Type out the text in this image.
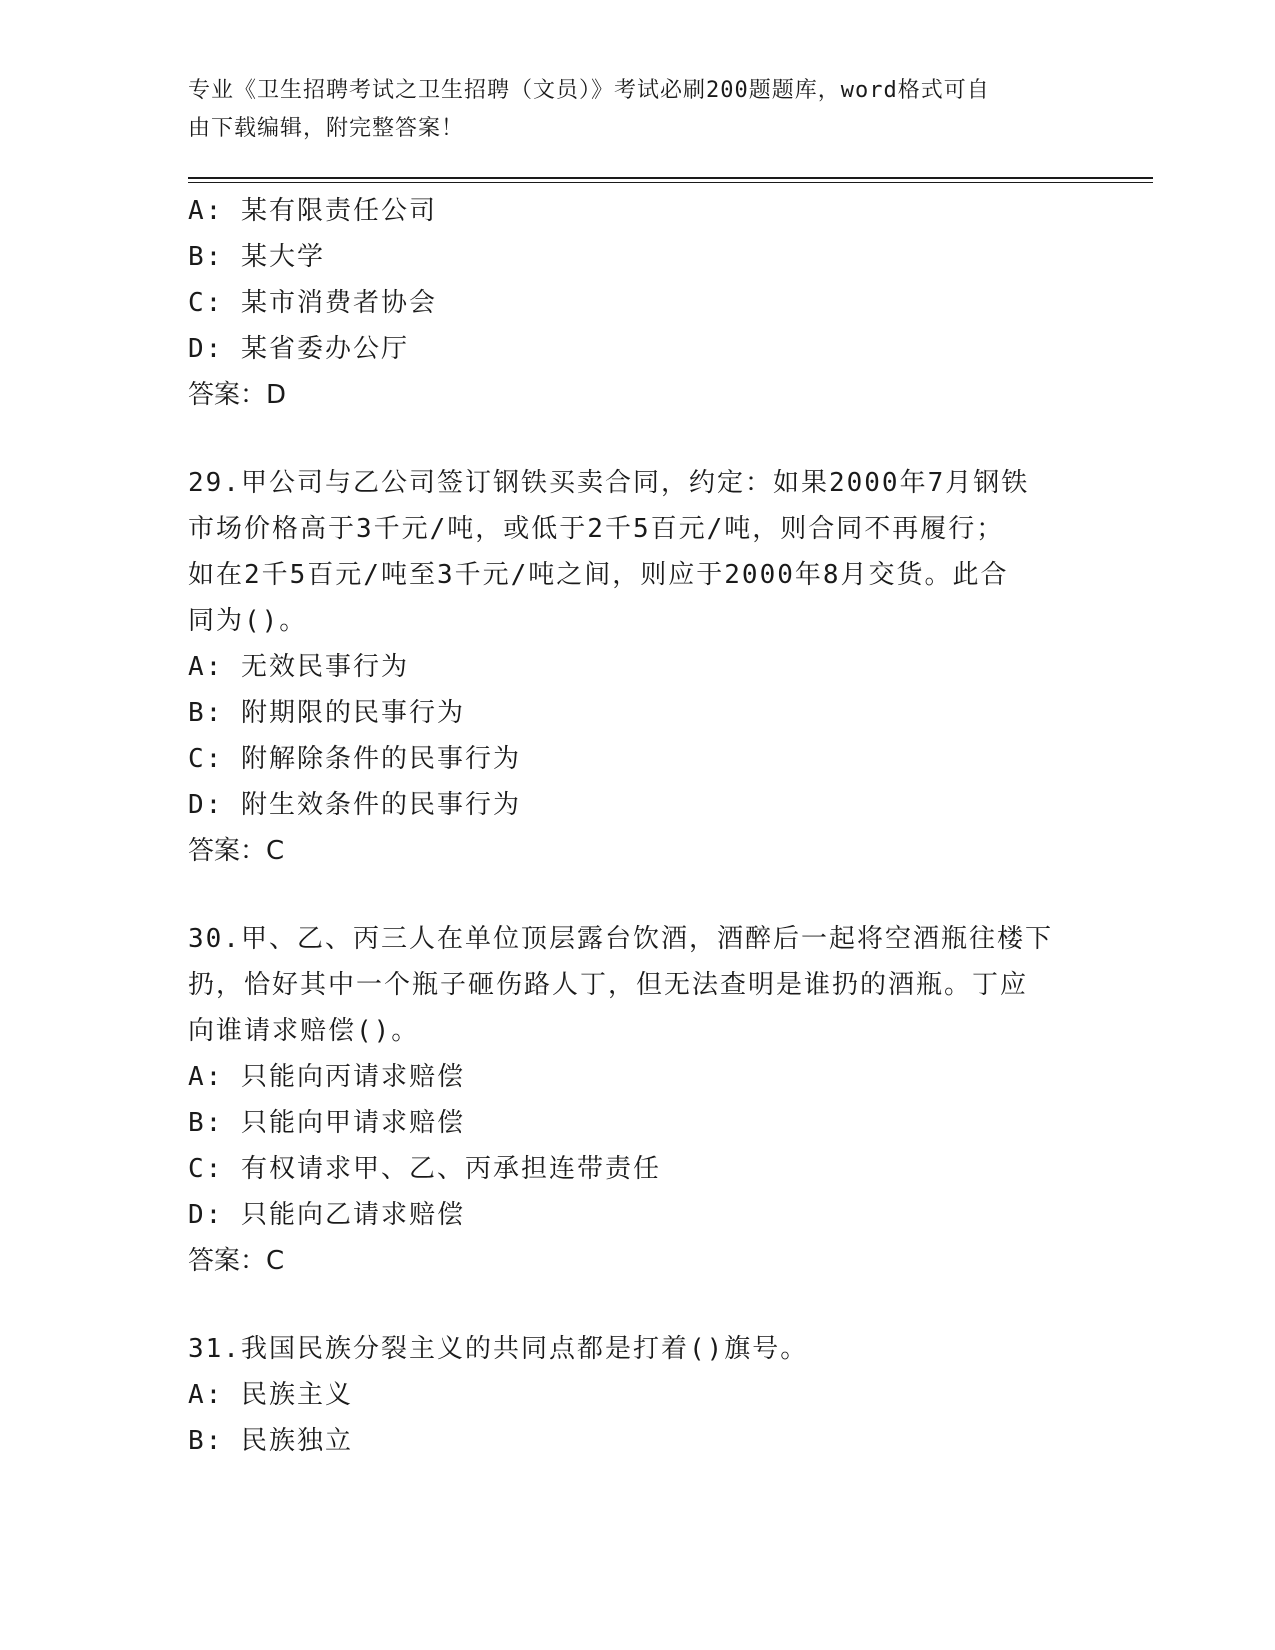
专业《卫生招聘考试之卫生招聘（文员）》考试必刷200题题库，word格式可自
由下载编辑，附完整答案！
A: 某有限责任公司
B: 某大学
C: 某市消费者协会
D: 某省委办公厅
答案：D
29.甲公司与乙公司签订钢铁买卖合同，约定：如果2000年7月钢铁
市场价格高于3千元/吨，或低于2千5百元/吨，则合同不再履行；
如在2千5百元/吨至3千元/吨之间，则应于2000年8月交货。此合
同为()。
A: 无效民事行为
B: 附期限的民事行为
C: 附解除条件的民事行为
D: 附生效条件的民事行为
答案：C
30.甲、乙、丙三人在单位顶层露台饮酒，酒醉后一起将空酒瓶往楼下
扔，恰好其中一个瓶子砸伤路人丁，但无法查明是谁扔的酒瓶。丁应
向谁请求赔偿()。
A: 只能向丙请求赔偿
B: 只能向甲请求赔偿
C: 有权请求甲、乙、丙承担连带责任
D: 只能向乙请求赔偿
答案：C
31.我国民族分裂主义的共同点都是打着()旗号。
A: 民族主义
B: 民族独立
